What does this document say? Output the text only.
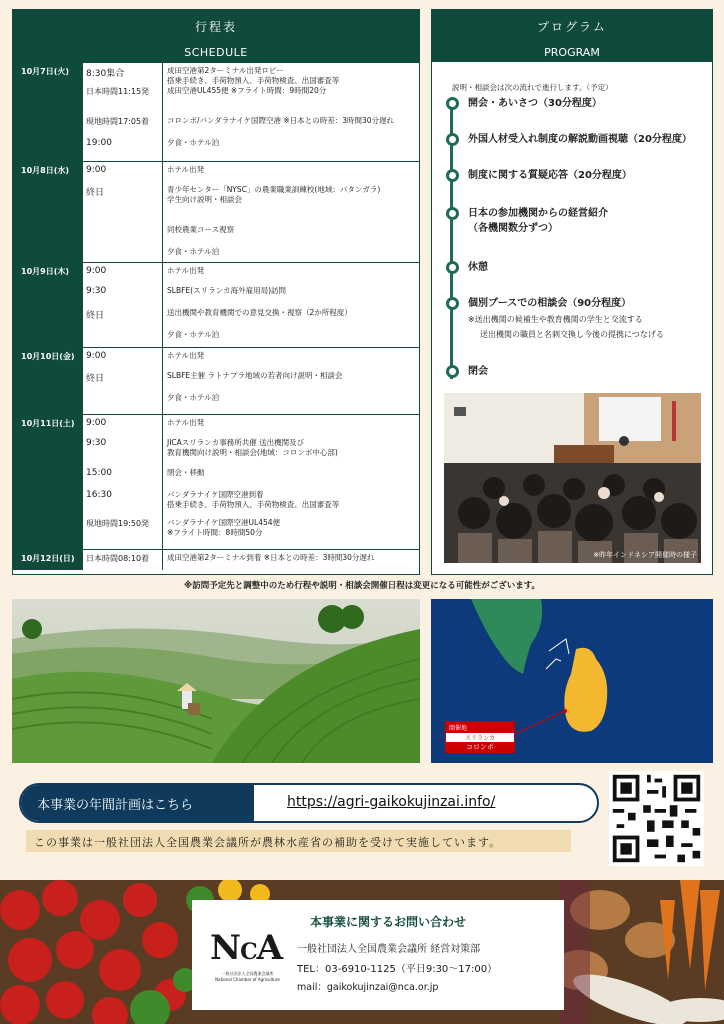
行程表
SCHEDULE
10月7日(火)	8:30集合	成田空港第2ターミナル出発ロビー
搭乗手続き、手荷物預入、手荷物検査、出国審査等
日本時間11:15発	成田空港UL455便 ※フライト時間：9時間20分
現地時間17:05着	コロンボ/バンダラナイケ国際空港 ※日本との時差：3時間30分遅れ
19:00	夕食・ホテル泊
10月8日(水)	9:00	ホテル出発
終日	青少年センター「NYSC」の農業職業訓練校(地域：パタンガラ)
学生向け説明・相談会
同校農業コース視察
夕食・ホテル泊
10月9日(木)	9:00	ホテル出発
9:30	SLBFE(スリランカ海外雇用局)訪問
終日	送出機関や教育機関での意見交換・視察（2か所程度）
夕食・ホテル泊
10月10日(金)	9:00	ホテル出発
終日	SLBFE主催 ラトナプラ地域の若者向け説明・相談会
夕食・ホテル泊
10月11日(土)	9:00	ホテル出発
9:30	JICAスリランカ事務所共催 送出機関及び
教育機関向け説明・相談会(地域：コロンボ中心部)
15:00	閉会・移動
16:30	バンダラナイケ国際空港到着
搭乗手続き、手荷物預入、手荷物検査、出国審査等
現地時間19:50発	バンダラナイケ国際空港UL454便
※フライト時間：8時間50分
10月12日(日)	日本時間08:10着	成田空港第2ターミナル到着 ※日本との時差：3時間30分遅れ
プログラム
PROGRAM
説明・相談会は次の流れで進行します。（予定）
開会・あいさつ（30分程度）
外国人材受入れ制度の解説動画視聴（20分程度）
制度に関する質疑応答（20分程度）
日本の参加機関からの経営紹介
（各機関数分ずつ）
休憩
個別ブースでの相談会（90分程度）
※送出機関の候補生や教育機関の学生と交流する
送出機関の職員と名刺交換し今後の提携につなげる
閉会
※昨年インドネシア開催時の様子
※訪問予定先と調整中のため行程や説明・相談会開催日程は変更になる可能性がございます。
開催地
スリランカ
コロンボ
本事業の年間計画はこちら	https://agri-gaikokujinzai.info/
この事業は一般社団法人全国農業会議所が農林水産省の補助を受けて実施しています。
NCA
一般社団法人全国農業会議所
National Chamber of Agriculture
本事業に関するお問い合わせ
一般社団法人全国農業会議所 経営対策部
TEL：03-6910-1125（平日9:30〜17:00）
mail：gaikokujinzai@nca.or.jp
